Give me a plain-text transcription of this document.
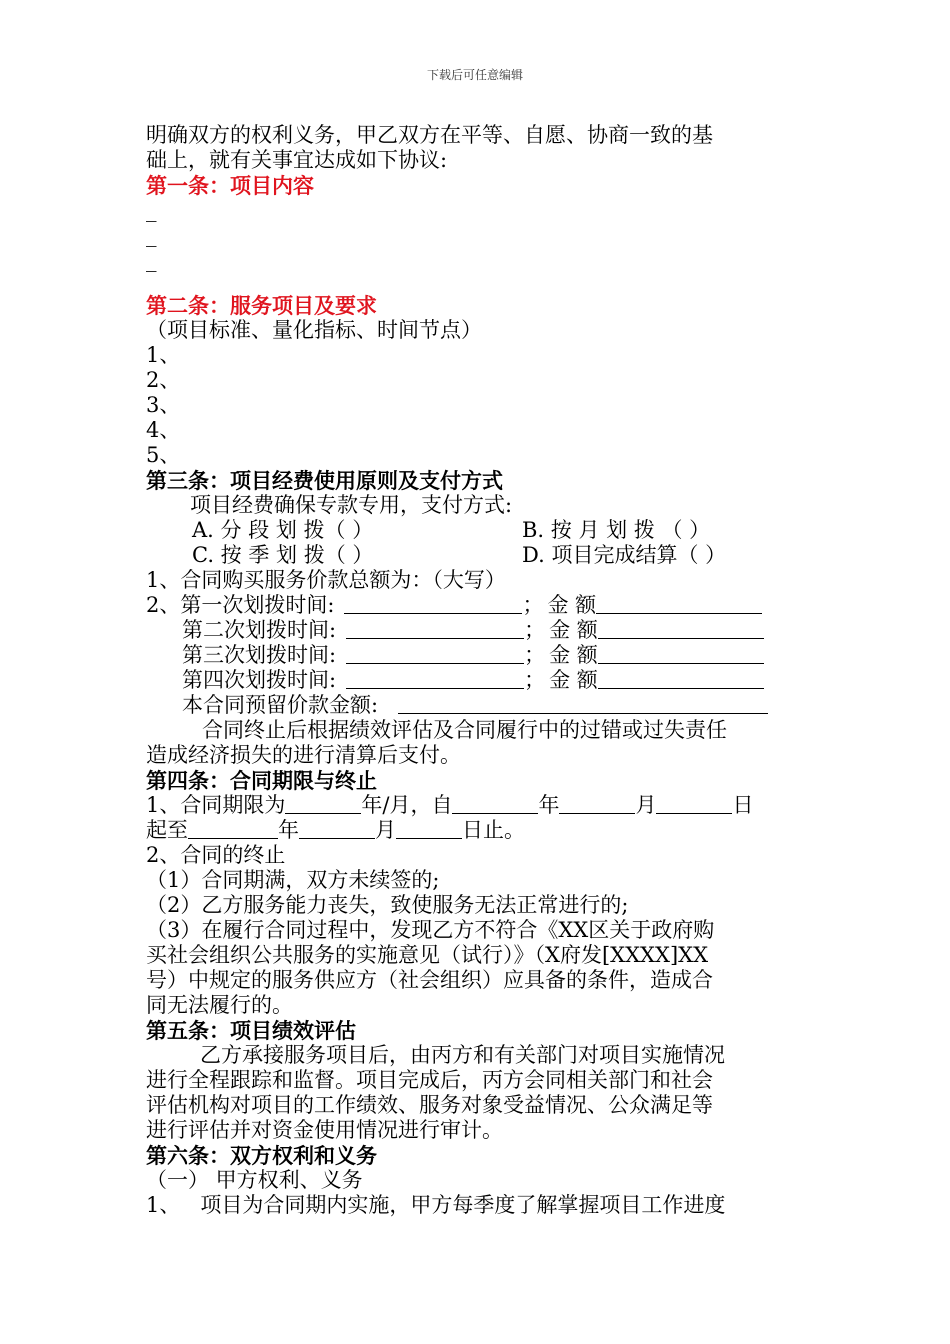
下载后可任意编辑
明确双方的权利义务，甲乙双方在平等、自愿、协商一致的基
础上，就有关事宜达成如下协议:
第一条：项目内容
_
_
_
第二条：服务项目及要求
（项目标准、量化指标、时间节点）
1、
2、
3、
4、
5、
第三条：项目经费使用原则及支付方式
项目经费确保专款专用，支付方式:
A. 分 段 划 拨（ ）	B. 按 月 划 拨 （ ）
C. 按 季 划 拨（ ）	D. 项目完成结算（ ）
1、合同购买服务价款总额为：（大写）
2、 第一次划拨时间:	； 金 额
第二次划拨时间:	； 金 额
第三次划拨时间:	； 金 额
第四次划拨时间:	； 金 额
本合同预留价款金额:
合同终止后根据绩效评估及合同履行中的过错或过失责任
造成经济损失的进行清算后支付。
第四条：合同期限与终止
1、合同期限为	年/月，自	年	月	日
起至	年	月	日止。
2、合同的终止
（1）合同期满，双方未续签的;
（2）乙方服务能力丧失，致使服务无法正常进行的;
（3）在履行合同过程中，发现乙方不符合《XX区关于政府购
买社会组织公共服务的实施意见（试行）》（X府发[XXXX]XX
号）中规定的服务供应方（社会组织）应具备的条件，造成合
同无法履行的。
第五条：项目绩效评估
乙方承接服务项目后，由丙方和有关部门对项目实施情况
进行全程跟踪和监督。项目完成后，丙方会同相关部门和社会
评估机构对项目的工作绩效、服务对象受益情况、公众满足等
进行评估并对资金使用情况进行审计。
第六条：双方权利和义务
（一） 甲方权利、义务
1、   项目为合同期内实施，甲方每季度了解掌握项目工作进度
